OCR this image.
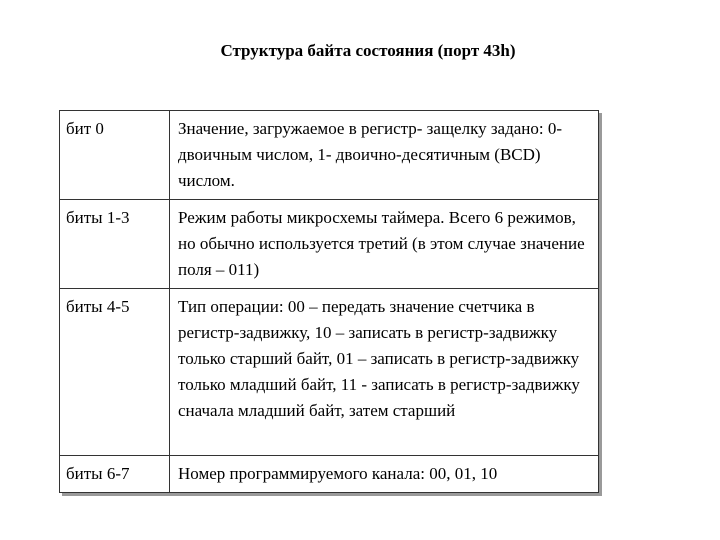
Структура байта состояния (порт 43h)
бит 0	Значение, загружаемое в регистр- защелку задано: 0- двоичным числом, 1- двоично-десятичным (BCD) числом.
биты 1-3	Режим работы микросхемы таймера. Всего 6 режимов, но обычно используется третий (в этом случае значение поля – 011)
биты 4-5	Тип операции: 00 – передать значение счетчика в регистр-задвижку, 10 – записать в регистр-задвижку только старший байт, 01 – записать в регистр-задвижку только младший байт, 11 - записать в регистр-задвижку сначала младший байт, затем старший
биты 6-7	Номер программируемого канала: 00, 01, 10
